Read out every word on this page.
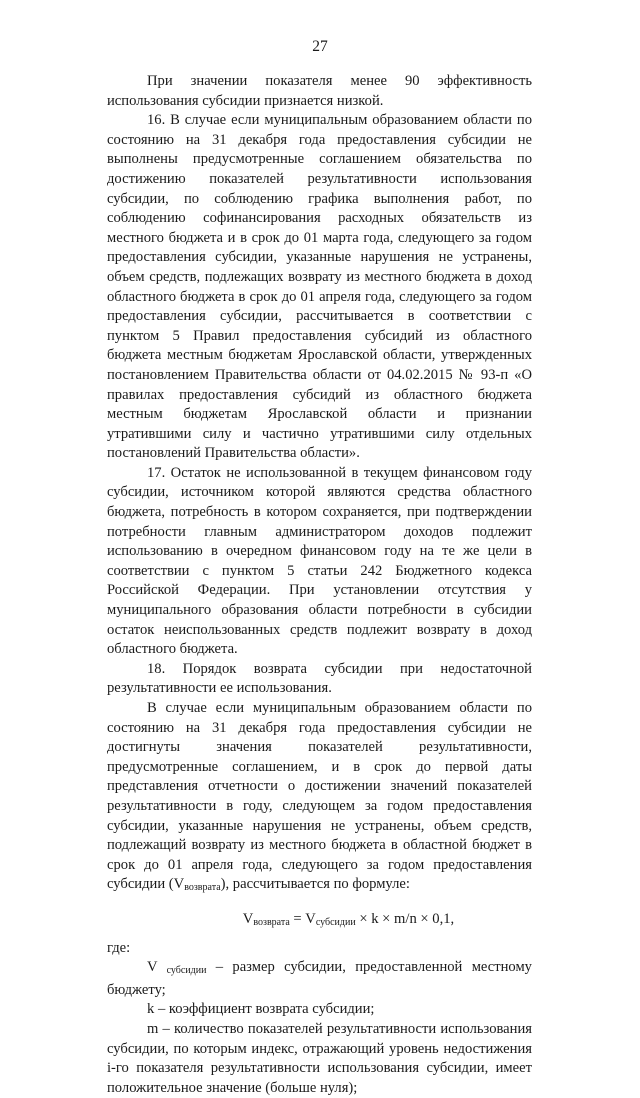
27

При значении показателя менее 90 эффективность использования субсидии признается низкой.

16. В случае если муниципальным образованием области по состоянию на 31 декабря года предоставления субсидии не выполнены предусмотренные соглашением обязательства по достижению показателей результативности использования субсидии, по соблюдению графика выполнения работ, по соблюдению софинансирования расходных обязательств из местного бюджета и в срок до 01 марта года, следующего за годом предоставления субсидии, указанные нарушения не устранены, объем средств, подлежащих возврату из местного бюджета в доход областного бюджета в срок до 01 апреля года, следующего за годом предоставления субсидии, рассчитывается в соответствии с пунктом 5 Правил предоставления субсидий из областного бюджета местным бюджетам Ярославской области, утвержденных постановлением Правительства области от 04.02.2015 № 93-п «О правилах предоставления субсидий из областного бюджета местным бюджетам Ярославской области и признании утратившими силу и частично утратившими силу отдельных постановлений Правительства области».

17. Остаток не использованной в текущем финансовом году субсидии, источником которой являются средства областного бюджета, потребность в котором сохраняется, при подтверждении потребности главным администратором доходов подлежит использованию в очередном финансовом году на те же цели в соответствии с пунктом 5 статьи 242 Бюджетного кодекса Российской Федерации. При установлении отсутствия у муниципального образования области потребности в субсидии остаток неиспользованных средств подлежит возврату в доход областного бюджета.

18. Порядок возврата субсидии при недостаточной результативности ее использования.

В случае если муниципальным образованием области по состоянию на 31 декабря года предоставления субсидии не достигнуты значения показателей результативности, предусмотренные соглашением, и в срок до первой даты представления отчетности о достижении значений показателей результативности в году, следующем за годом предоставления субсидии, указанные нарушения не устранены, объем средств, подлежащий возврату из местного бюджета в областной бюджет в срок до 01 апреля года, следующего за годом предоставления субсидии $(V_{возврата})$, рассчитывается по формуле:

$V_{возврата} = V_{субсидии} \times k \times m/n \times 0,1$,

где:

V $_{субсидии}$ – размер субсидии, предоставленной местному бюджету;

k – коэффициент возврата субсидии;

m – количество показателей результативности использования субсидии, по которым индекс, отражающий уровень недостижения i-го показателя результативности использования субсидии, имеет положительное значение (больше нуля);
